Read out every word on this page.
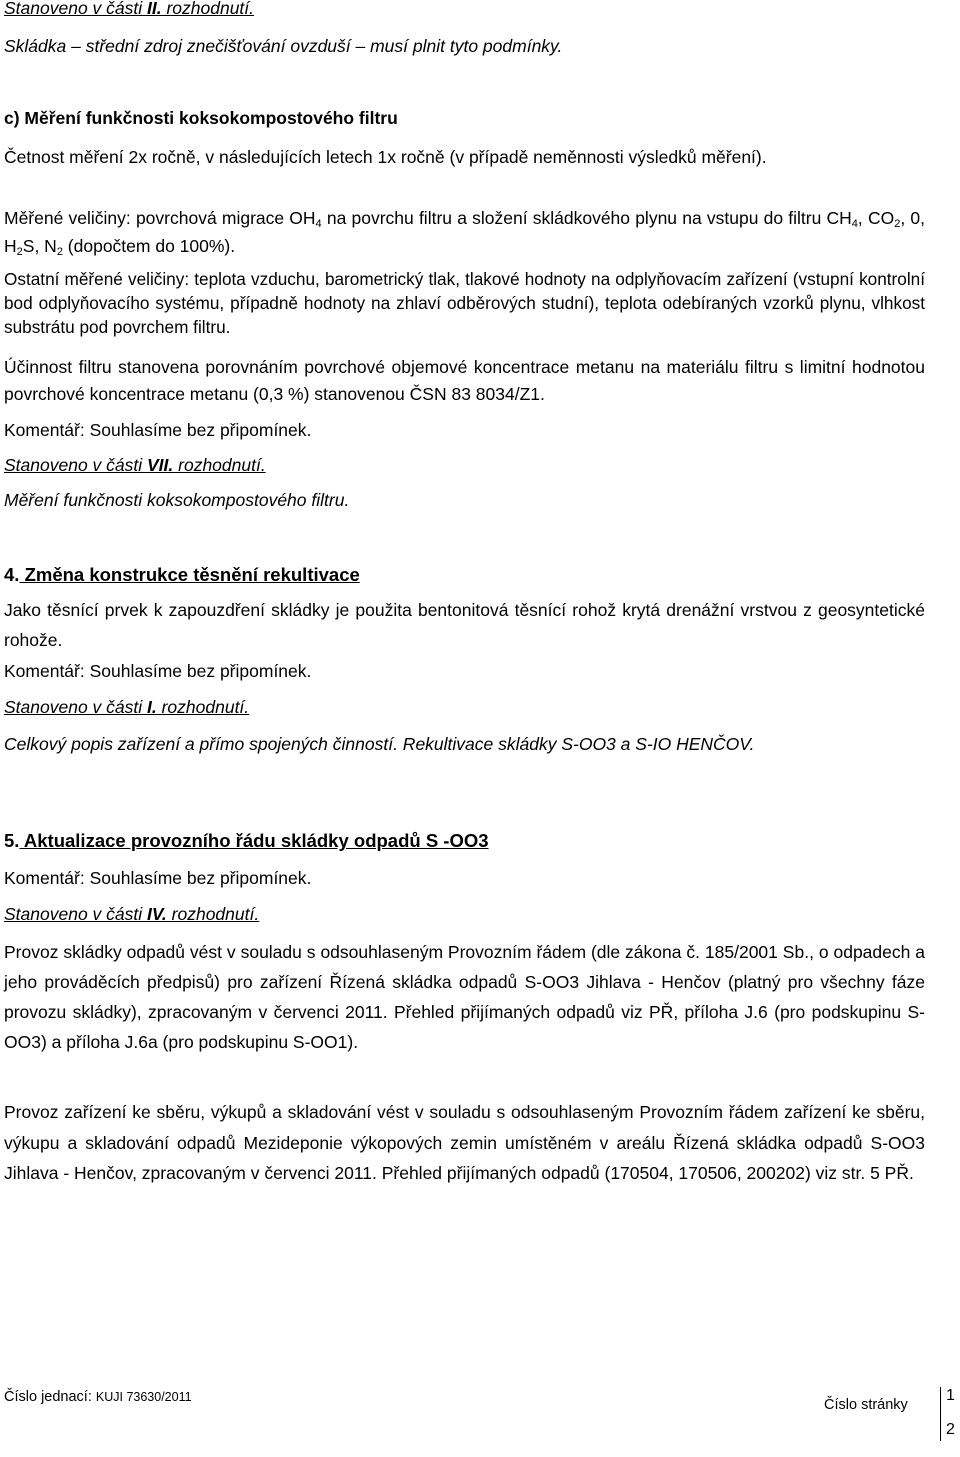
Stanoveno v části II. rozhodnutí.

Skládka – střední zdroj znečišťování ovzduší – musí plnit tyto podmínky.

c) Měření funkčnosti koksokompostového filtru

Četnost měření 2x ročně, v následujících letech 1x ročně (v případě neměnnosti výsledků měření).

Měřené veličiny: povrchová migrace $OH_4$ na povrchu filtru a složení skládkového plynu na vstupu do filtru $CH_4$, $CO_2$, 0, $H_2S$, $N_2$ (dopočtem do 100%).

Ostatní měřené veličiny: teplota vzduchu, barometrický tlak, tlakové hodnoty na odplyňovacím zařízení (vstupní kontrolní bod odplyňovacího systému, případně hodnoty na zhlaví odběrových studní), teplota odebíraných vzorků plynu, vlhkost substrátu pod povrchem filtru.

Účinnost filtru stanovena porovnáním povrchové objemové koncentrace metanu na materiálu filtru s limitní hodnotou povrchové koncentrace metanu (0,3 %) stanovenou ČSN 83 8034/Z1.

Komentář: Souhlasíme bez připomínek.

Stanoveno v části VII. rozhodnutí.

Měření funkčnosti koksokompostového filtru.

4. Změna konstrukce těsnění rekultivace

Jako těsnící prvek k zapouzdření skládky je použita bentonitová těsnící rohož krytá drenážní vrstvou z geosyntetické rohože.

Komentář: Souhlasíme bez připomínek.

Stanoveno v části I. rozhodnutí.

Celkový popis zařízení a přímo spojených činností. Rekultivace skládky S-OO3 a S-IO HENČOV.

5. Aktualizace provozního řádu skládky odpadů S -OO3

Komentář: Souhlasíme bez připomínek.

Stanoveno v části IV. rozhodnutí.

Provoz skládky odpadů vést v souladu s odsouhlaseným Provozním řádem (dle zákona č. 185/2001 Sb., o odpadech a jeho prováděcích předpisů) pro zařízení Řízená skládka odpadů S-OO3 Jihlava - Henčov (platný pro všechny fáze provozu skládky), zpracovaným v červenci 2011. Přehled přijímaných odpadů viz PŘ, příloha J.6 (pro podskupinu S-OO3) a příloha J.6a (pro podskupinu S-OO1).

Provoz zařízení ke sběru, výkupů a skladování vést v souladu s odsouhlaseným Provozním řádem zařízení ke sběru, výkupu a skladování odpadů Mezideponie výkopových zemin umístěném v areálu Řízená skládka odpadů S-OO3 Jihlava - Henčov, zpracovaným v červenci 2011. Přehled přijímaných odpadů (170504, 170506, 200202) viz str. 5 PŘ.

Číslo jednací: KUJI 73630/2011	Číslo stránky
1
2
